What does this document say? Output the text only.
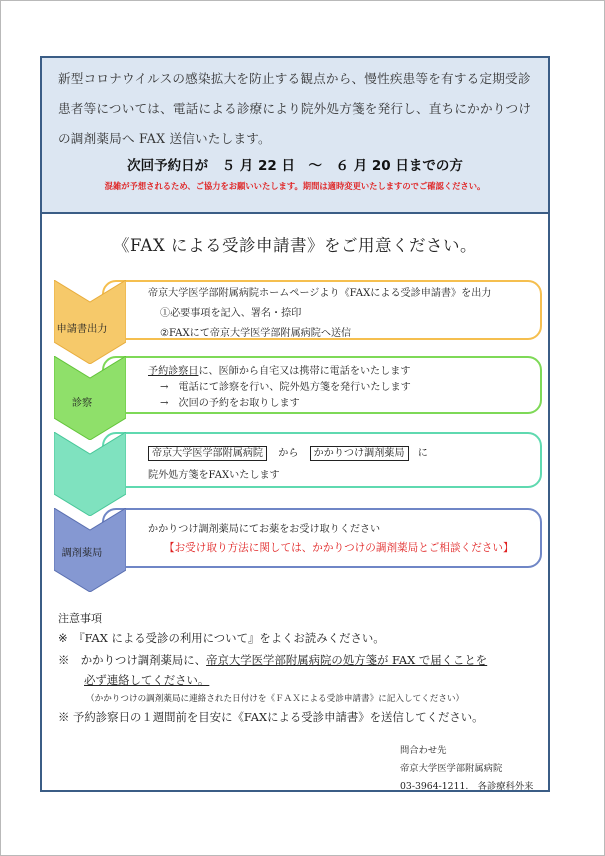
新型コロナウイルスの感染拡大を防止する観点から、慢性疾患等を有する定期受診患者等については、電話による診療により院外処方箋を発行し、直ちにかかりつけの調剤薬局へ FAX 送信いたします。
次回予約日が　５ 月 22 日　～　６ 月 20 日までの方
混雑が予想されるため、ご協力をお願いいたします。期間は適時変更いたしますのでご確認ください。
《FAX による受診申請書》をご用意ください。
申請書出力
帝京大学医学部附属病院ホームページより《FAXによる受診申請書》を出力
①必要事項を記入、署名・捺印
②FAXにて帝京大学医学部附属病院へ送信
診察
予約診察日に、医師から自宅又は携帯に電話をいたします
→　電話にて診察を行い、院外処方箋を発行いたします
→　次回の予約をお取りします
帝京大学医学部附属病院 から かかりつけ調剤薬局 に
院外処方箋をFAXいたします
調剤薬局
かかりつけ調剤薬局にてお薬をお受け取りください
【お受け取り方法に関しては、かかりつけの調剤薬局とご相談ください】
注意事項
※　『FAX による受診の利用について』をよくお読みください。
※　かかりつけ調剤薬局に、帝京大学医学部附属病院の処方箋が FAX で届くことを
必ず連絡してください。
（かかりつけの調剤薬局に連絡された日付けを《ＦＡＸによる受診申請書》に記入してください）
※ 予約診察日の１週間前を目安に《FAXによる受診申請書》を送信してください。
問合わせ先
帝京大学医学部附属病院
03-3964-1211.　各診療科外来
